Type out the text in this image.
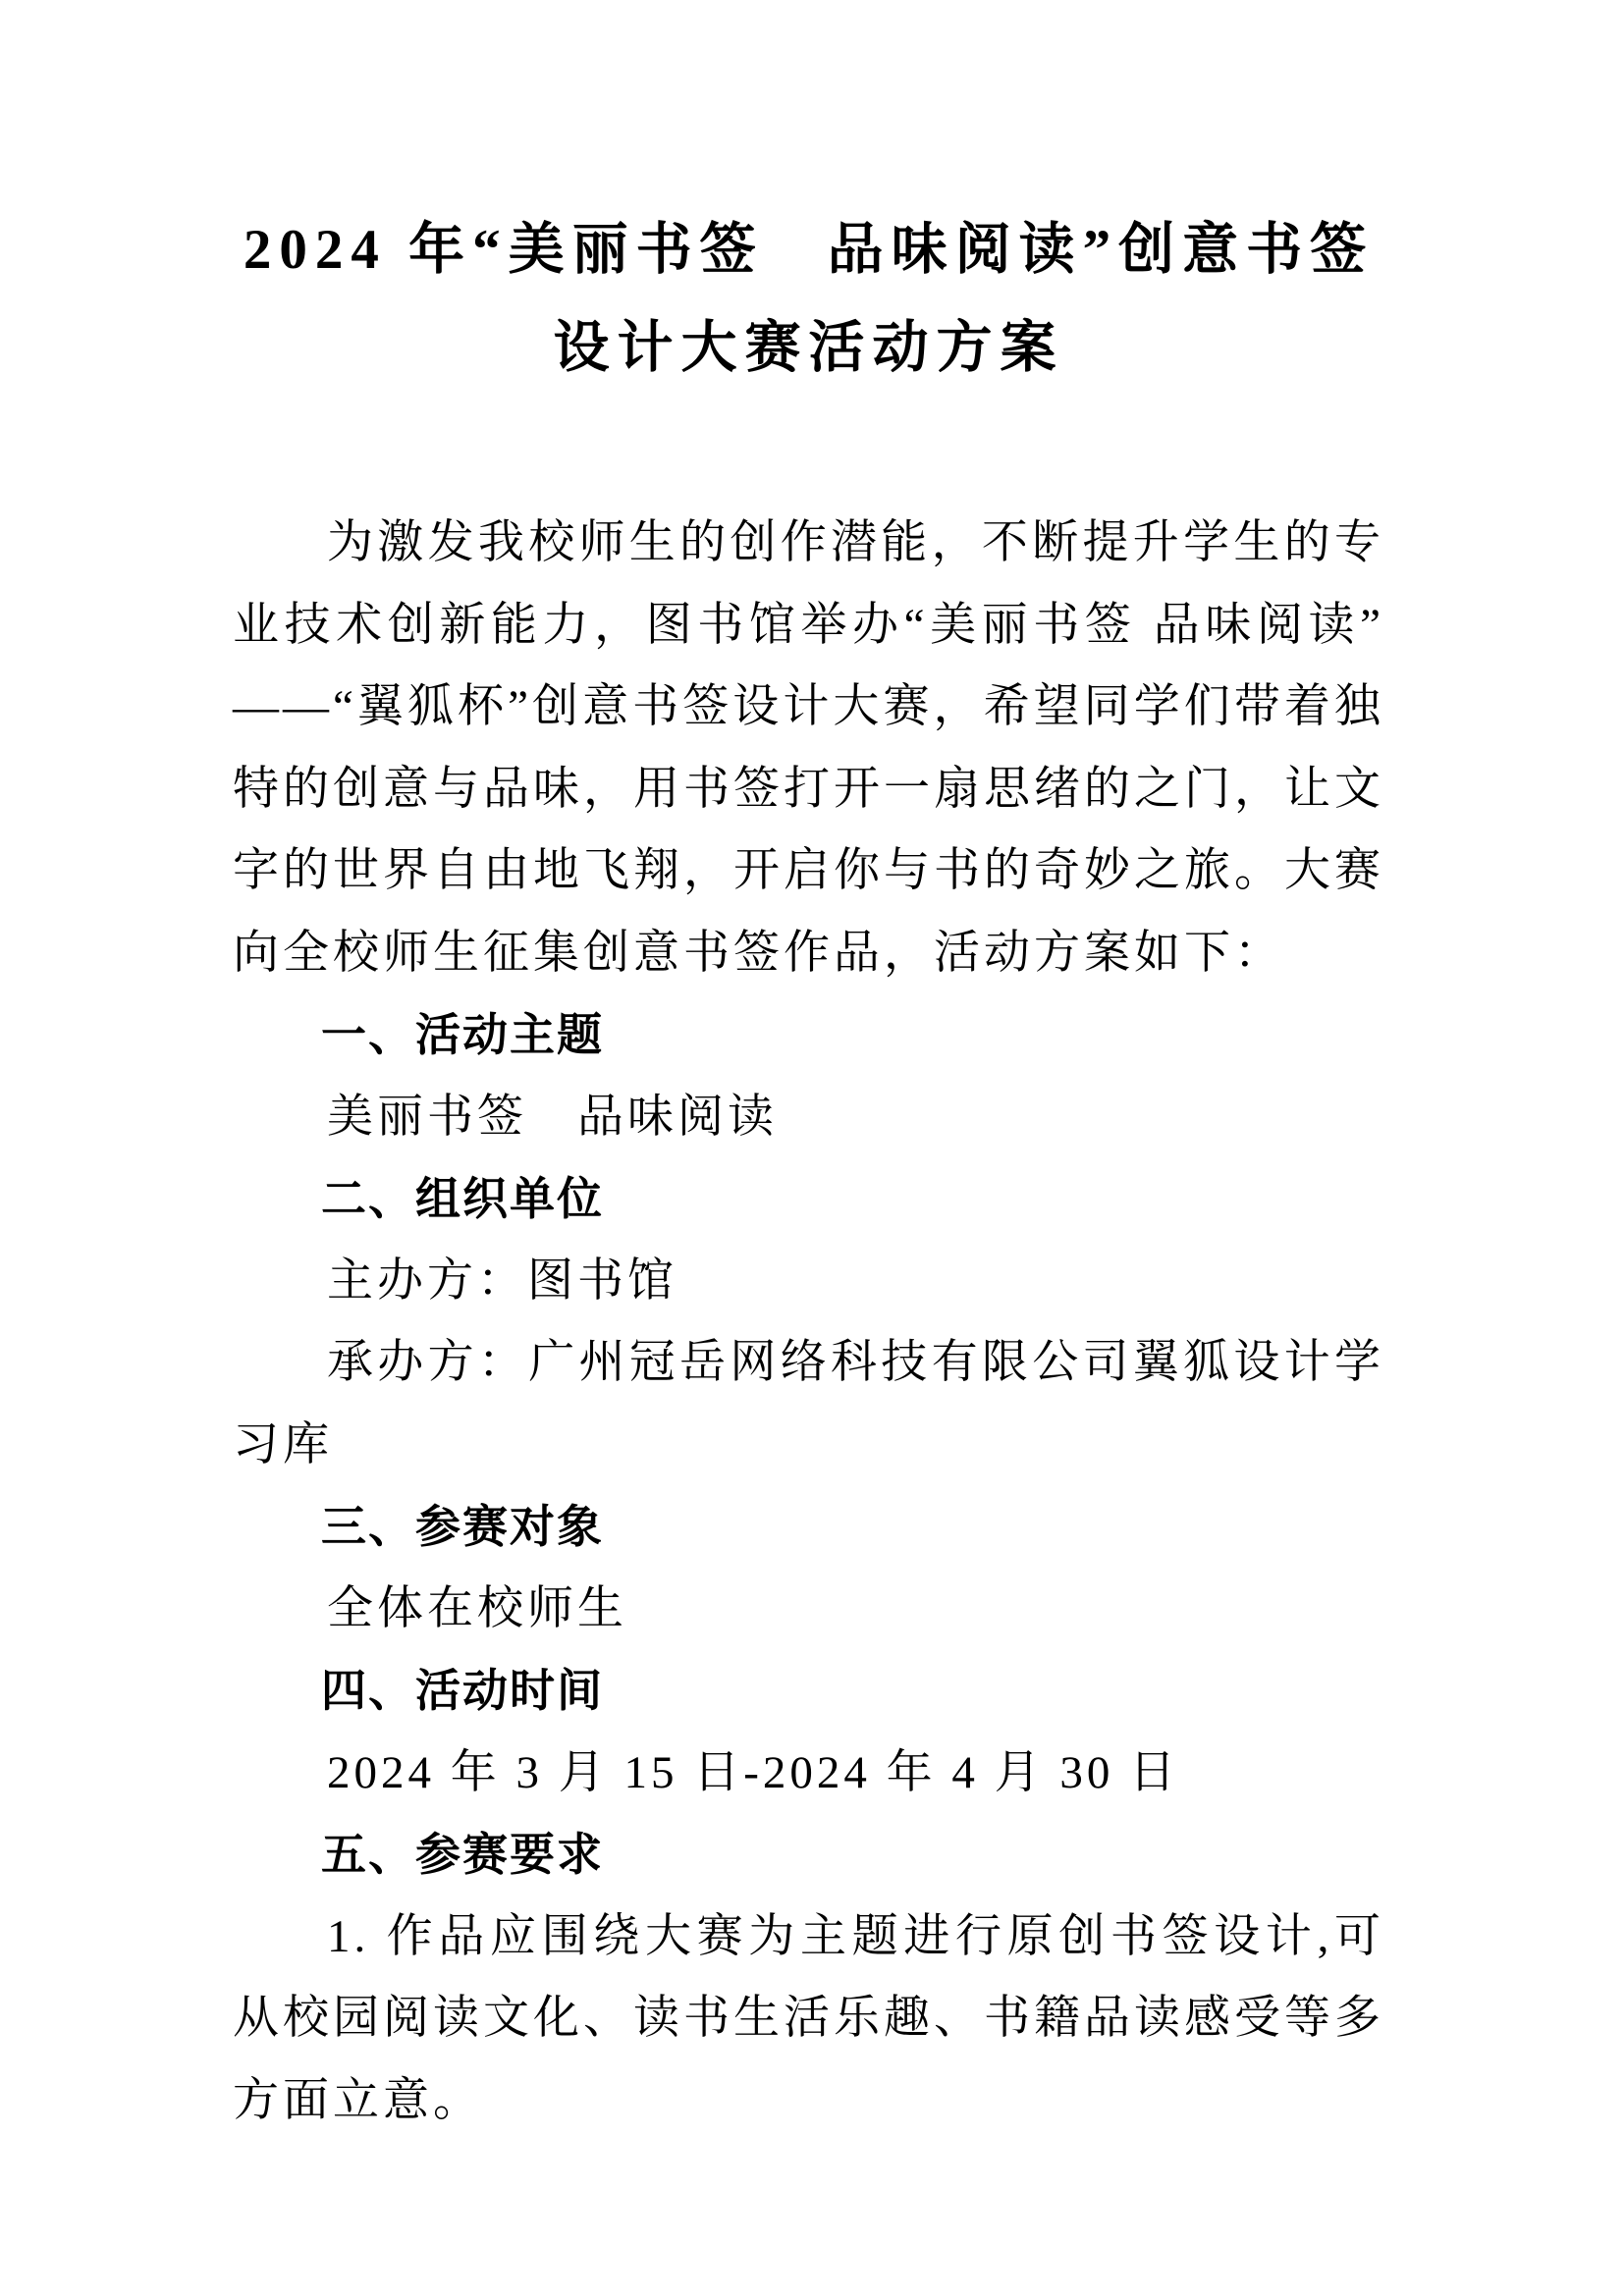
2024 年“美丽书签　品味阅读”创意书签
设计大赛活动方案

为激发我校师生的创作潜能，不断提升学生的专业技术创新能力，图书馆举办“美丽书签 品味阅读”——“翼狐杯”创意书签设计大赛，希望同学们带着独特的创意与品味，用书签打开一扇思绪的之门，让文字的世界自由地飞翔，开启你与书的奇妙之旅。大赛向全校师生征集创意书签作品，活动方案如下：

一、活动主题

美丽书签　品味阅读

二、组织单位

主办方：图书馆

承办方：广州冠岳网络科技有限公司翼狐设计学习库

三、参赛对象

全体在校师生

四、活动时间

2024 年 3 月 15 日-2024 年 4 月 30 日

五、参赛要求

1. 作品应围绕大赛为主题进行原创书签设计,可从校园阅读文化、读书生活乐趣、书籍品读感受等多方面立意。
